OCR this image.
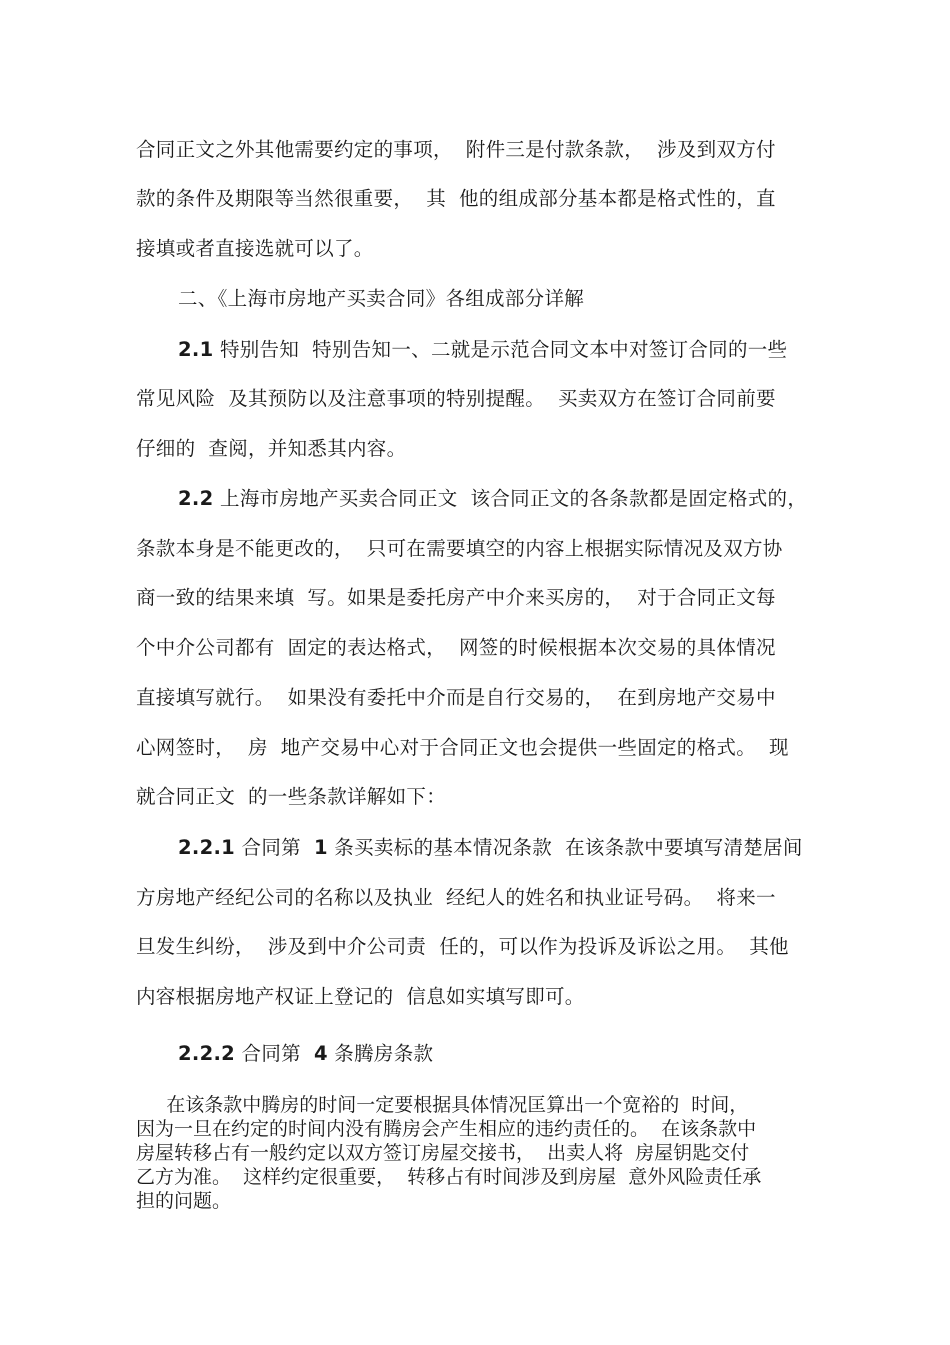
合同正文之外其他需要约定的事项，  附件三是付款条款，  涉及到双方付
款的条件及期限等当然很重要，  其  他的组成部分基本都是格式性的，直
接填或者直接选就可以了。
二、《上海市房地产买卖合同》各组成部分详解
2.1 特别告知  特别告知一、二就是示范合同文本中对签订合同的一些
常见风险  及其预防以及注意事项的特别提醒。  买卖双方在签订合同前要
仔细的  查阅，并知悉其内容。
2.2 上海市房地产买卖合同正文  该合同正文的各条款都是固定格式的，
条款本身是不能更改的，  只可在需要填空的内容上根据实际情况及双方协
商一致的结果来填  写。如果是委托房产中介来买房的，  对于合同正文每
个中介公司都有  固定的表达格式，  网签的时候根据本次交易的具体情况
直接填写就行。  如果没有委托中介而是自行交易的，  在到房地产交易中
心网签时，  房  地产交易中心对于合同正文也会提供一些固定的格式。  现
就合同正文  的一些条款详解如下：
2.2.1 合同第  1 条买卖标的基本情况条款  在该条款中要填写清楚居间
方房地产经纪公司的名称以及执业  经纪人的姓名和执业证号码。  将来一
旦发生纠纷，  涉及到中介公司责  任的，可以作为投诉及诉讼之用。  其他
内容根据房地产权证上登记的  信息如实填写即可。
2.2.2 合同第  4 条腾房条款
在该条款中腾房的时间一定要根据具体情况匡算出一个宽裕的  时间，
因为一旦在约定的时间内没有腾房会产生相应的违约责任的。  在该条款中
房屋转移占有一般约定以双方签订房屋交接书，  出卖人将  房屋钥匙交付
乙方为准。  这样约定很重要，  转移占有时间涉及到房屋  意外风险责任承
担的问题。
